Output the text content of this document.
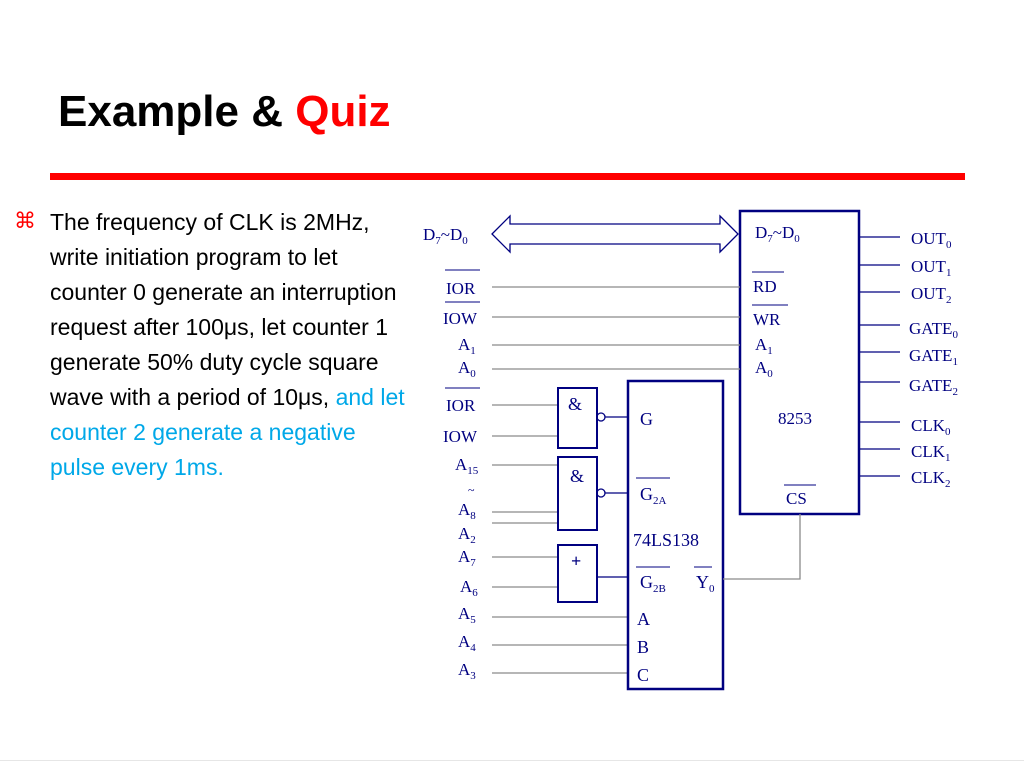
Example & Quiz
⌘ The frequency of CLK is 2MHz, write initiation program to let counter 0 generate an interruption request after 100μs, let counter 1 generate 50% duty cycle square wave with a period of 10μs, and let counter 2 generate a negative pulse every 1ms.

$D_7\sim D_0$	$D_7\sim D_0$
RD
WR
$A_1$
$A_0$
8253
CS
$OUT_0$
$OUT_1$
$OUT_2$
$GATE_0$
$GATE_1$
$GATE_2$
$CLK_0$
$CLK_1$
$CLK_2$
IOR
IOW
$A_1$
$A_0$
IOR
IOW
&
$A_{15}$
~
$A_8$
$A_2$
&
$A_7$
$A_6$
+
$A_5$
$A_4$
$A_3$
G
$G_{2A}$
74LS138
$G_{2B}$ $Y_0$
A
B
C
